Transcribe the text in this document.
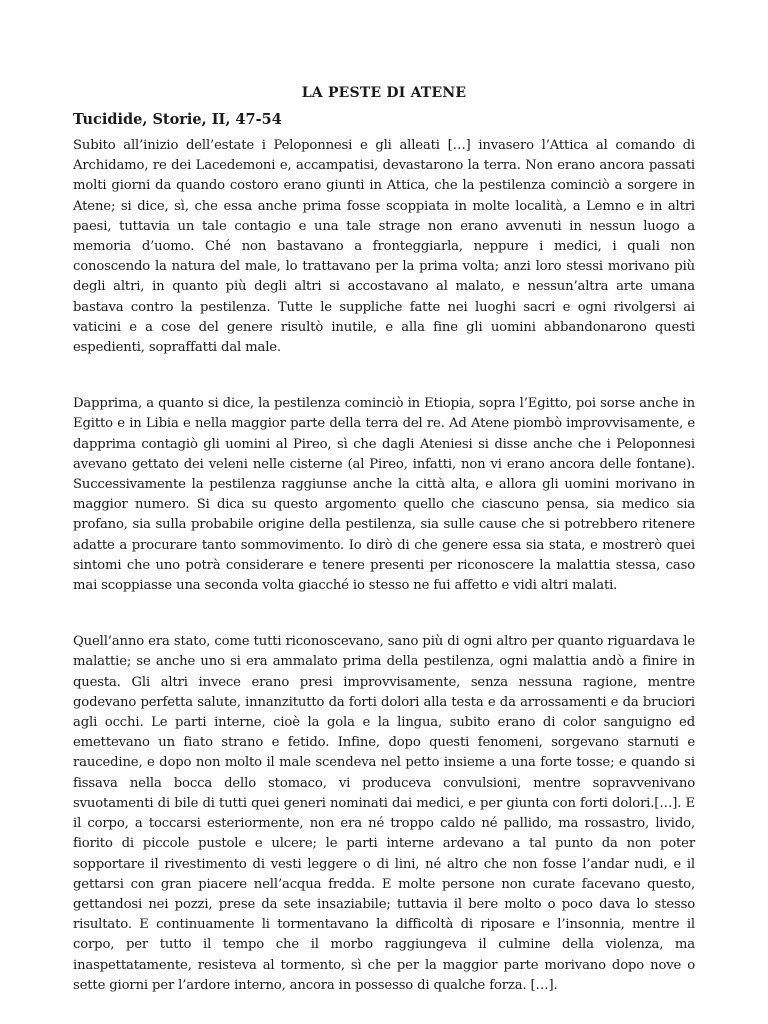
LA PESTE DI ATENE
Tucidide, Storie, II, 47-54

Subito all’inizio dell’estate i Peloponnesi e gli alleati […] invasero l’Attica al comando di Archidamo, re dei Lacedemoni e, accampatisi, devastarono la terra. Non erano ancora passati molti giorni da quando costoro erano giunti in Attica, che la pestilenza cominciò a sorgere in Atene; si dice, sì, che essa anche prima fosse scoppiata in molte località, a Lemno e in altri paesi, tuttavia un tale contagio e una tale strage non erano avvenuti in nessun luogo a memoria d’uomo. Ché non bastavano a fronteggiarla, neppure i medici, i quali non conoscendo la natura del male, lo trattavano per la prima volta; anzi loro stessi morivano più degli altri, in quanto più degli altri si accostavano al malato, e nessun’altra arte umana bastava contro la pestilenza. Tutte le suppliche fatte nei luoghi sacri e ogni rivolgersi ai vaticini e a cose del genere risultò inutile, e alla fine gli uomini abbandonarono questi espedienti, sopraffatti dal male.

Dapprima, a quanto si dice, la pestilenza cominciò in Etiopia, sopra l’Egitto, poi sorse anche in Egitto e in Libia e nella maggior parte della terra del re. Ad Atene piombò improvvisamente, e dapprima contagiò gli uomini al Pireo, sì che dagli Ateniesi si disse anche che i Peloponnesi avevano gettato dei veleni nelle cisterne (al Pireo, infatti, non vi erano ancora delle fontane). Successivamente la pestilenza raggiunse anche la città alta, e allora gli uomini morivano in maggior numero. Si dica su questo argomento quello che ciascuno pensa, sia medico sia profano, sia sulla probabile origine della pestilenza, sia sulle cause che si potrebbero ritenere adatte a procurare tanto sommovimento. Io dirò di che genere essa sia stata, e mostrerò quei sintomi che uno potrà considerare e tenere presenti per riconoscere la malattia stessa, caso mai scoppiasse una seconda volta giacché io stesso ne fui affetto e vidi altri malati.

Quell’anno era stato, come tutti riconoscevano, sano più di ogni altro per quanto riguardava le malattie; se anche uno si era ammalato prima della pestilenza, ogni malattia andò a finire in questa. Gli altri invece erano presi improvvisamente, senza nessuna ragione, mentre godevano perfetta salute, innanzitutto da forti dolori alla testa e da arrossamenti e da bruciori agli occhi. Le parti interne, cioè la gola e la lingua, subito erano di color sanguigno ed emettevano un fiato strano e fetido. Infine, dopo questi fenomeni, sorgevano starnuti e raucedine, e dopo non molto il male scendeva nel petto insieme a una forte tosse; e quando si fissava nella bocca dello stomaco, vi produceva convulsioni, mentre sopravvenivano svuotamenti di bile di tutti quei generi nominati dai medici, e per giunta con forti dolori.[…]. E il corpo, a toccarsi esteriormente, non era né troppo caldo né pallido, ma rossastro, livido, fiorito di piccole pustole e ulcere; le parti interne ardevano a tal punto da non poter sopportare il rivestimento di vesti leggere o di lini, né altro che non fosse l’andar nudi, e il gettarsi con gran piacere nell’acqua fredda. E molte persone non curate facevano questo, gettandosi nei pozzi, prese da sete insaziabile; tuttavia il bere molto o poco dava lo stesso risultato. E continuamente li tormentavano la difficoltà di riposare e l’insonnia, mentre il corpo, per tutto il tempo che il morbo raggiungeva il culmine della violenza, ma inaspettatamente, resisteva al tormento, sì che per la maggior parte morivano dopo nove o sette giorni per l’ardore interno, ancora in possesso di qualche forza. […].
